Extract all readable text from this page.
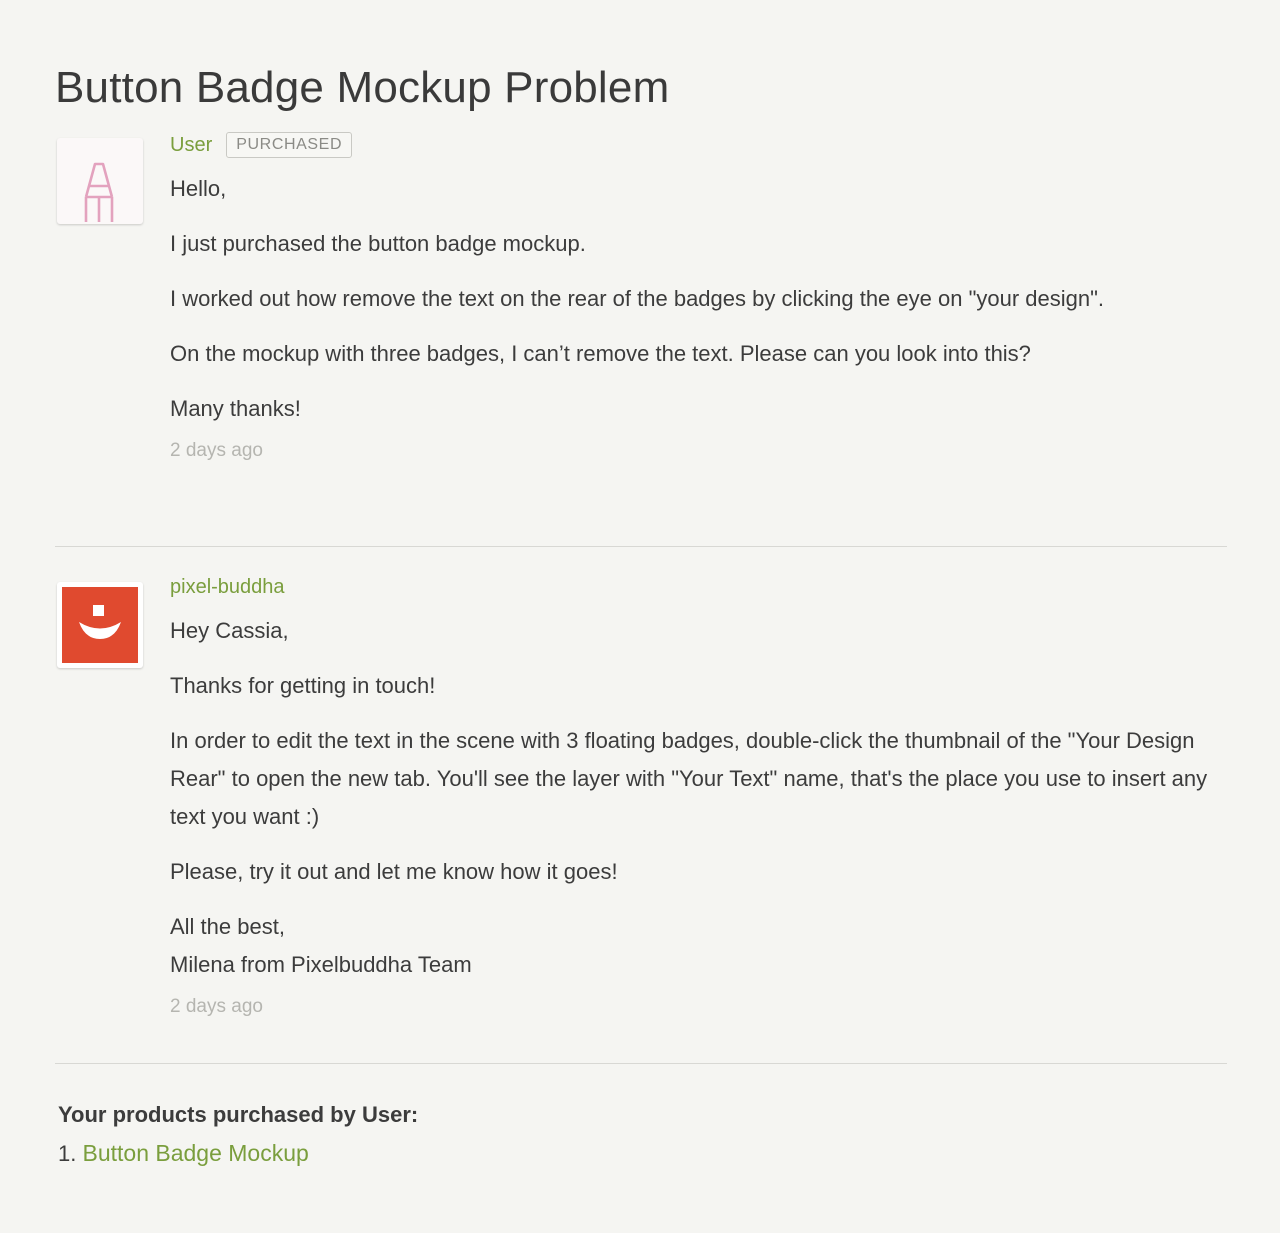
Button Badge Mockup Problem
User	PURCHASED

Hello,

I just purchased the button badge mockup.

I worked out how remove the text on the rear of the badges by clicking the eye on "your design".

On the mockup with three badges, I can’t remove the text. Please can you look into this?

Many thanks!

2 days ago
pixel-buddha

Hey Cassia,

Thanks for getting in touch!

In order to edit the text in the scene with 3 floating badges, double-click the thumbnail of the "Your Design Rear" to open the new tab. You'll see the layer with "Your Text" name, that's the place you use to insert any text you want :)

Please, try it out and let me know how it goes!

All the best,

Milena from Pixelbuddha Team

2 days ago
Your products purchased by User:
1. Button Badge Mockup
